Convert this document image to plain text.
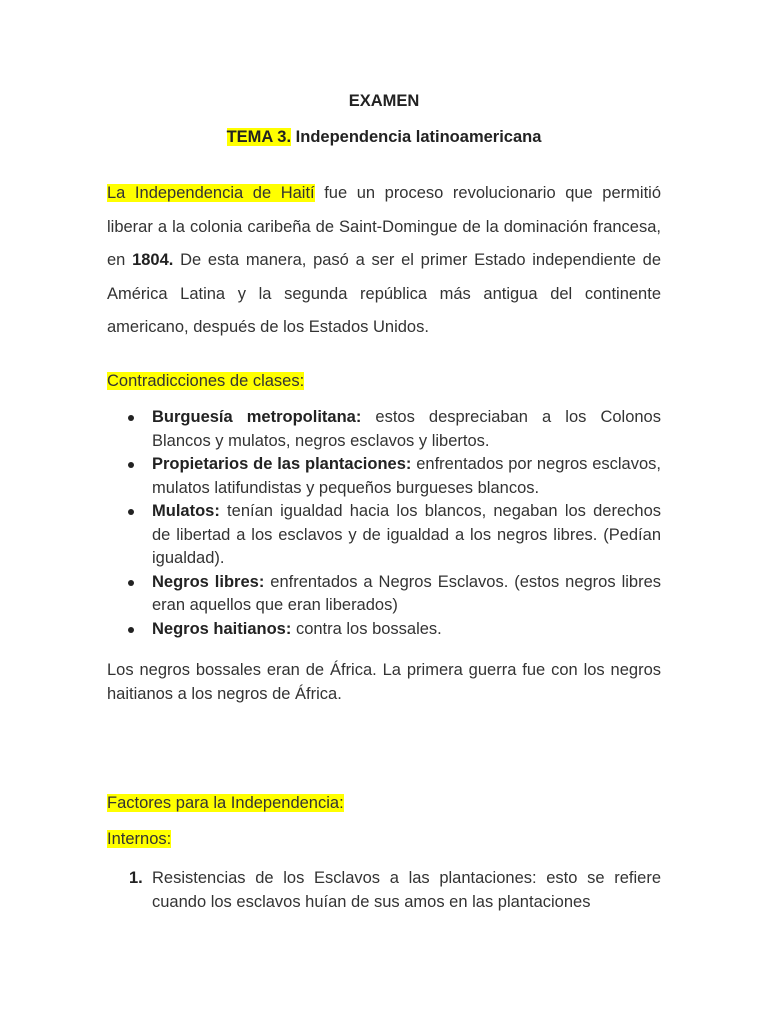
EXAMEN
TEMA 3. Independencia latinoamericana
La Independencia de Haití fue un proceso revolucionario que permitió liberar a la colonia caribeña de Saint-Domingue de la dominación francesa, en 1804. De esta manera, pasó a ser el primer Estado independiente de América Latina y la segunda república más antigua del continente americano, después de los Estados Unidos.
Contradicciones de clases:
Burguesía metropolitana: estos despreciaban a los Colonos Blancos y mulatos, negros esclavos y libertos.
Propietarios de las plantaciones: enfrentados por negros esclavos, mulatos latifundistas y pequeños burgueses blancos.
Mulatos: tenían igualdad hacia los blancos, negaban los derechos de libertad a los esclavos y de igualdad a los negros libres. (Pedían igualdad).
Negros libres: enfrentados a Negros Esclavos. (estos negros libres eran aquellos que eran liberados)
Negros haitianos: contra los bossales.
Los negros bossales eran de África. La primera guerra fue con los negros haitianos a los negros de África.
Factores para la Independencia:
Internos:
1. Resistencias de los Esclavos a las plantaciones: esto se refiere cuando los esclavos huían de sus amos en las plantaciones
